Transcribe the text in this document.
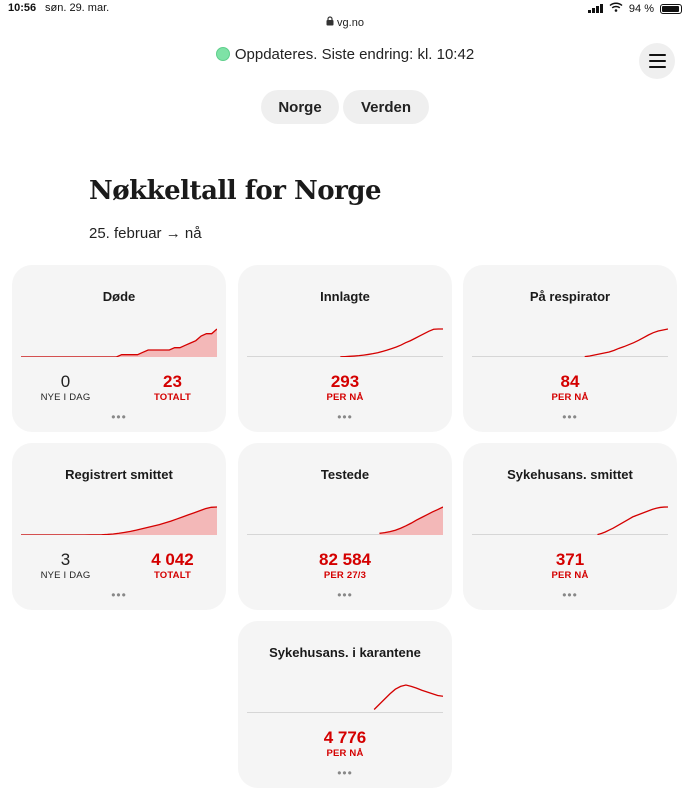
10:56 søn. 29. mar.
vg.no
94 %
Oppdateres. Siste endring: kl. 10:42
Norge	Verden
Nøkkeltall for Norge
25. februar → nå
Døde
0
NYE I DAG
23
TOTALT
•••
Innlagte
293
PER NÅ
•••
På respirator
84
PER NÅ
•••
Registrert smittet
3
NYE I DAG
4 042
TOTALT
•••
Testede
82 584
PER 27/3
•••
Sykehusans. smittet
371
PER NÅ
•••
Sykehusans. i karantene
4 776
PER NÅ
•••
